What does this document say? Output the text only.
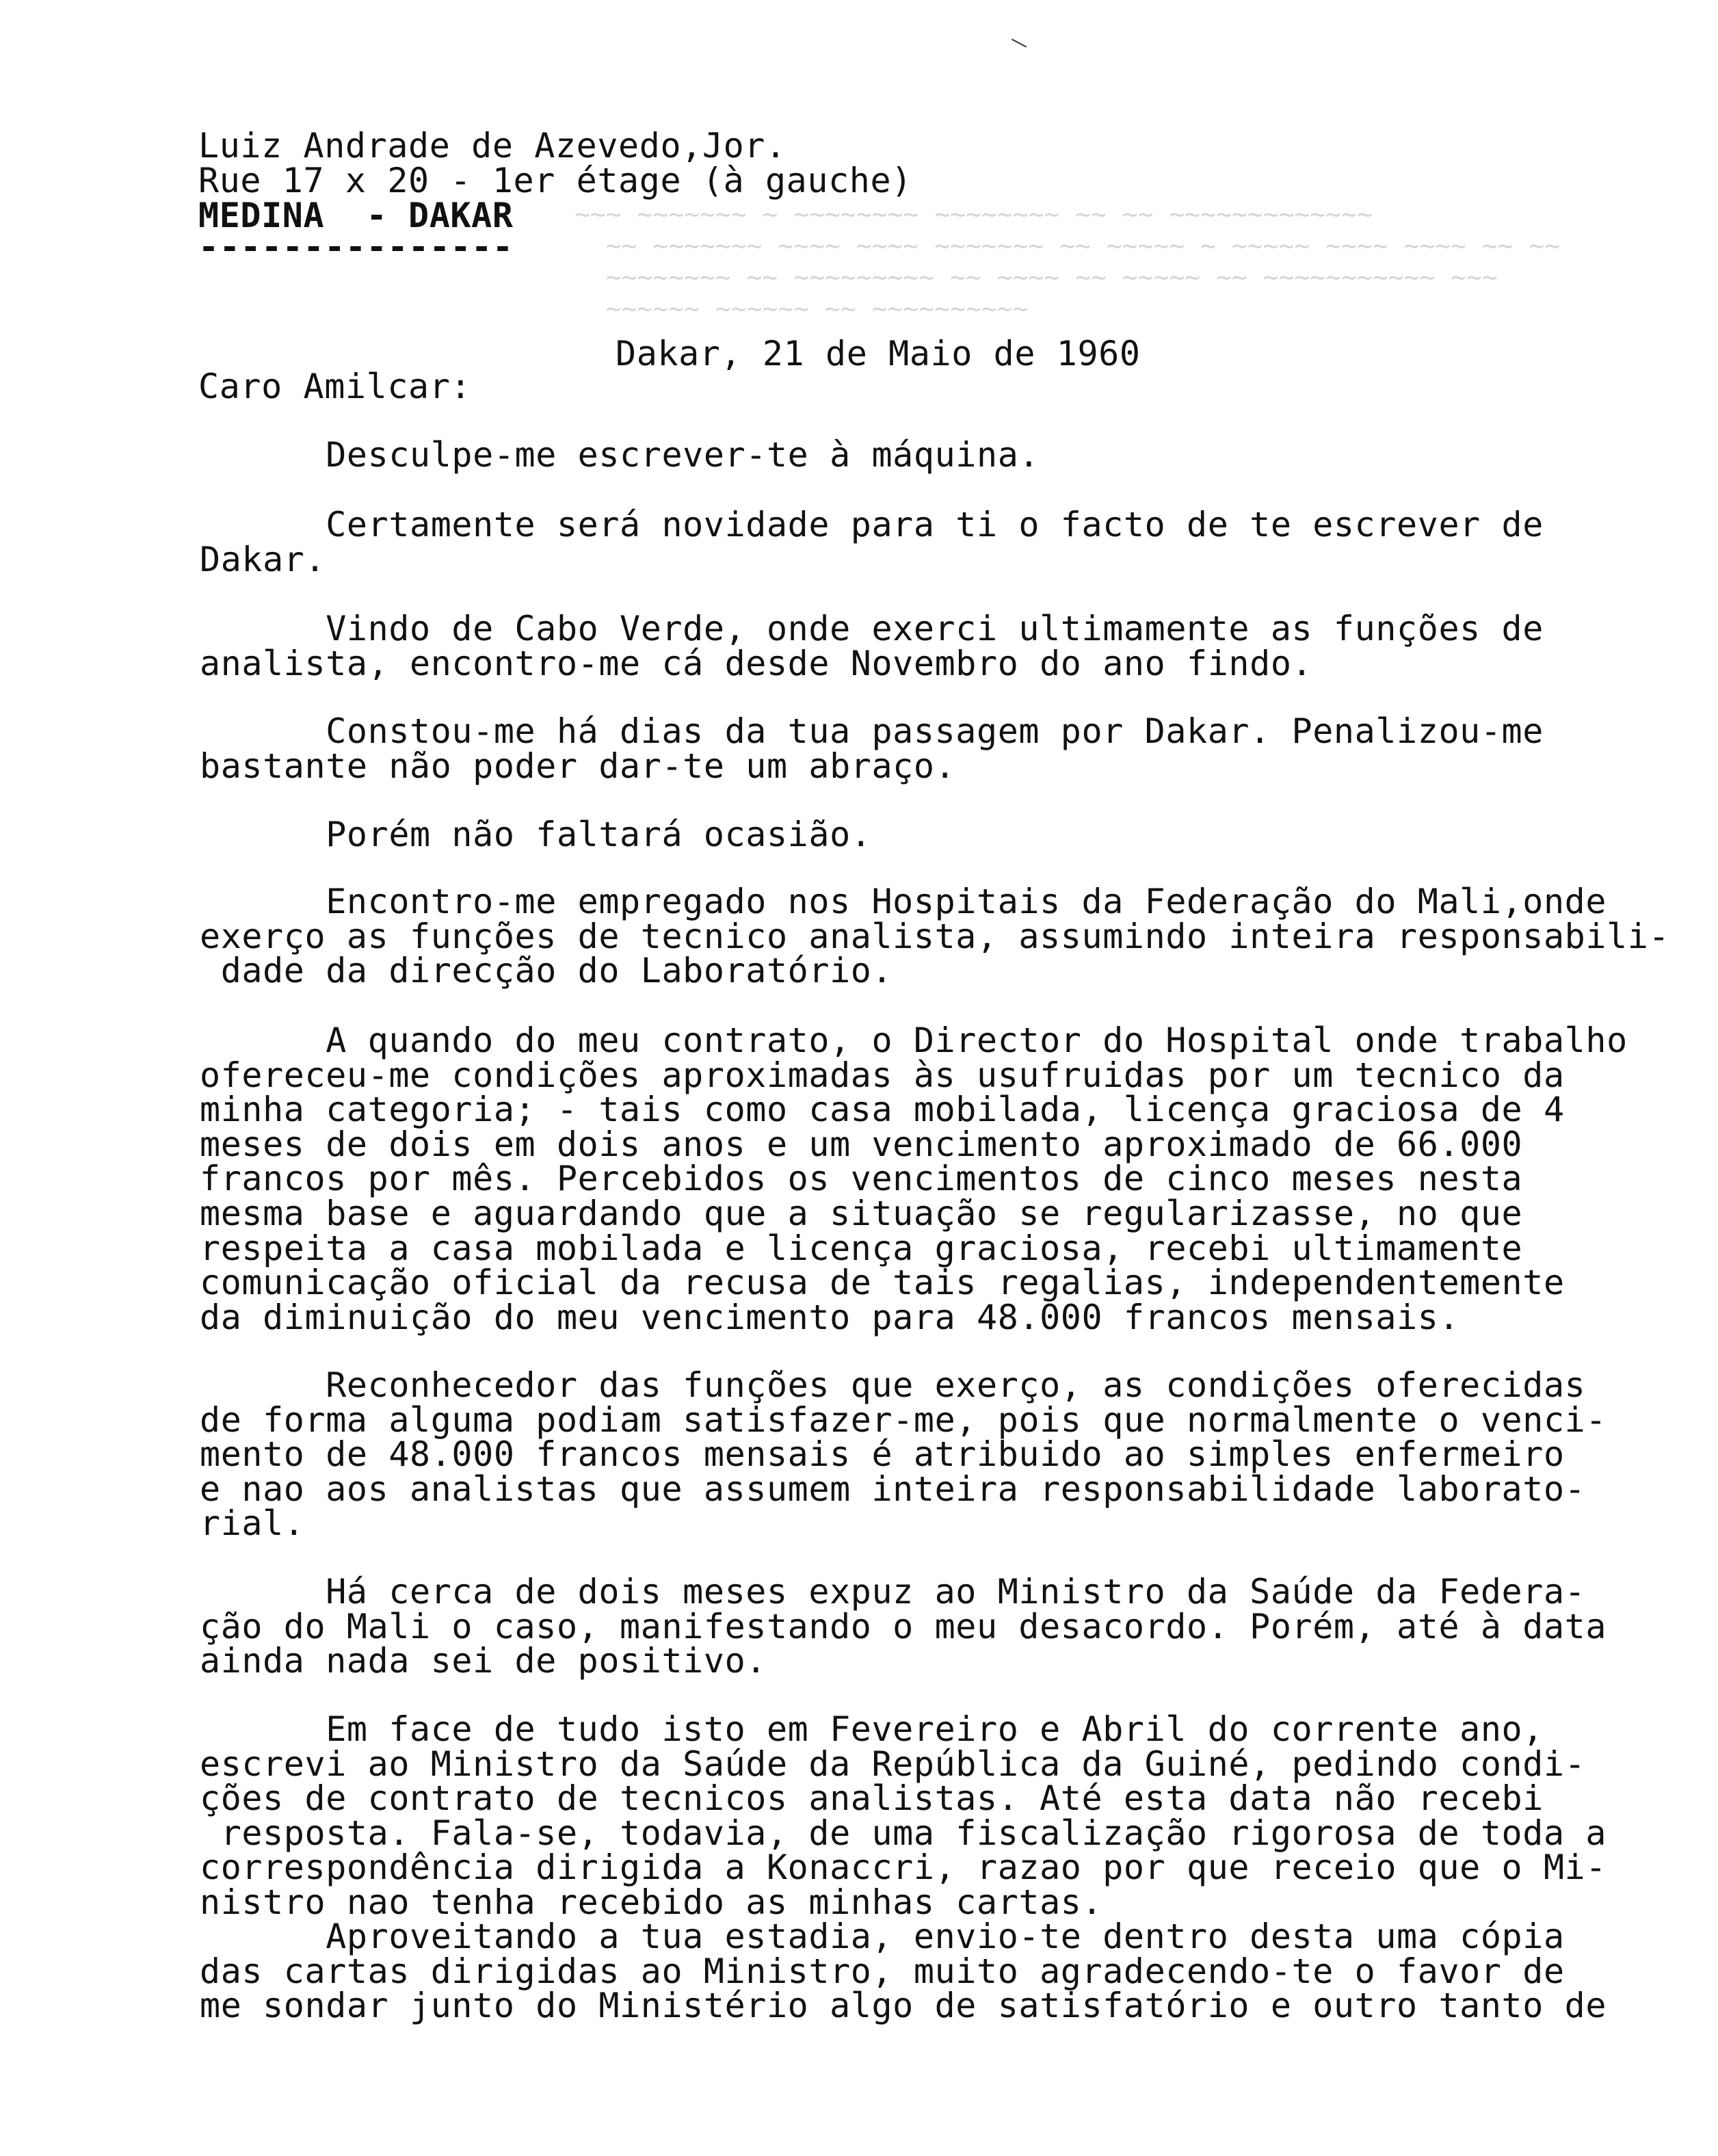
~~~ ~~~~~~~ ~ ~~~~~~~~ ~~~~~~~~ ~~ ~~ ~~~~~~~~~~~~~
~~ ~~~~~~~ ~~~~ ~~~~ ~~~~~~~ ~~ ~~~~~ ~ ~~~~~ ~~~~ ~~~~ ~~ ~~
~~~~~~~~ ~~ ~~~~~~~~~ ~~ ~~~~ ~~ ~~~~~ ~~ ~~~~~~~~~~~ ~~~
~~~~~~ ~~~~~~ ~~ ~~~~~~~~~~
Luiz Andrade de Azevedo,Jor.
Rue 17 x 20 - 1er étage (à gauche)
MEDINA  - DAKAR
---------------
Dakar, 21 de Maio de 1960
Caro Amilcar:
Desculpe-me escrever-te à máquina.
Certamente será novidade para ti o facto de te escrever de
Dakar.
Vindo de Cabo Verde, onde exerci ultimamente as funções de
analista, encontro-me cá desde Novembro do ano findo.
Constou-me há dias da tua passagem por Dakar. Penalizou-me
bastante não poder dar-te um abraço.
Porém não faltará ocasião.
Encontro-me empregado nos Hospitais da Federação do Mali,onde
exerço as funções de tecnico analista, assumindo inteira responsabili-
dade da direcção do Laboratório.
A quando do meu contrato, o Director do Hospital onde trabalho
ofereceu-me condições aproximadas às usufruidas por um tecnico da
minha categoria; - tais como casa mobilada, licença graciosa de 4
meses de dois em dois anos e um vencimento aproximado de 66.000
francos por mês. Percebidos os vencimentos de cinco meses nesta
mesma base e aguardando que a situação se regularizasse, no que
respeita a casa mobilada e licença graciosa, recebi ultimamente
comunicação oficial da recusa de tais regalias, independentemente
da diminuição do meu vencimento para 48.000 francos mensais.
Reconhecedor das funções que exerço, as condições oferecidas
de forma alguma podiam satisfazer-me, pois que normalmente o venci-
mento de 48.000 francos mensais é atribuido ao simples enfermeiro
e nao aos analistas que assumem inteira responsabilidade laborato-
rial.
Há cerca de dois meses expuz ao Ministro da Saúde da Federa-
ção do Mali o caso, manifestando o meu desacordo. Porém, até à data
ainda nada sei de positivo.
Em face de tudo isto em Fevereiro e Abril do corrente ano,
escrevi ao Ministro da Saúde da República da Guiné, pedindo condi-
ções de contrato de tecnicos analistas. Até esta data não recebi
resposta. Fala-se, todavia, de uma fiscalização rigorosa de toda a
correspondência dirigida a Konaccri, razao por que receio que o Mi-
nistro nao tenha recebido as minhas cartas.
Aproveitando a tua estadia, envio-te dentro desta uma cópia
das cartas dirigidas ao Ministro, muito agradecendo-te o favor de
me sondar junto do Ministério algo de satisfatório e outro tanto de
